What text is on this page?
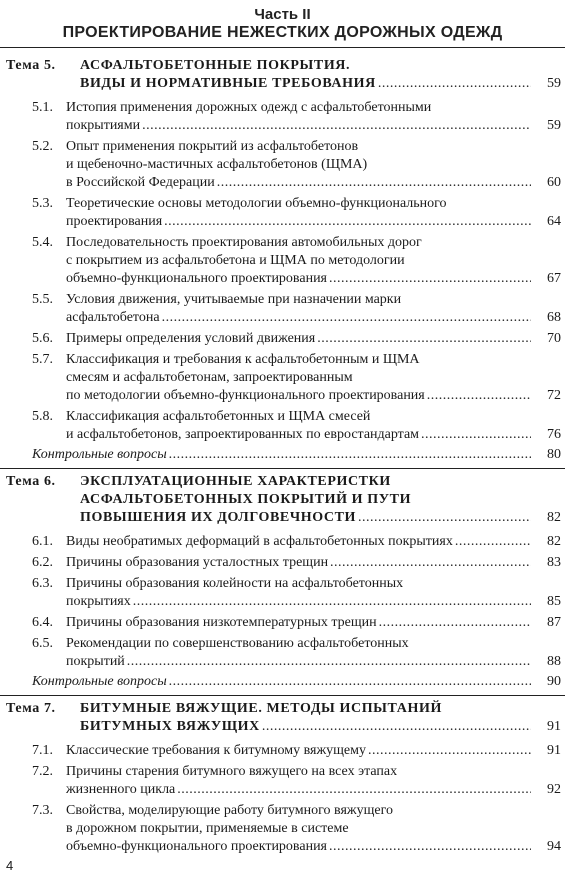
Часть II
ПРОЕКТИРОВАНИЕ НЕЖЕСТКИХ ДОРОЖНЫХ ОДЕЖД
Тема 5. АСФАЛЬТОБЕТОННЫЕ ПОКРЫТИЯ.
ВИДЫ И НОРМАТИВНЫЕ ТРЕБОВАНИЯ .....	59
5.1. Истопия применения дорожных одежд с асфальтобетонными
покрытиями .....	59
5.2. Опыт применения покрытий из асфальтобетонов
и щебеночно-мастичных асфальтобетонов (ЩМА)
в Российской Федерации .....	60
5.3. Теоретические основы методологии объемно-функционального
проектирования .....	64
5.4. Последовательность проектирования автомобильных дорог
с покрытием из асфальтобетона и ЩМА по методологии
объемно-функционального проектирования .....	67
5.5. Условия движения, учитываемые при назначении марки
асфальтобетона .....	68
5.6. Примеры определения условий движения .....	70
5.7. Классификация и требования к асфальтобетонным и ЩМА
смесям и асфальтобетонам, запроектированным
по методологии объемно-функционального проектирования .....	72
5.8. Классификация асфальтобетонных и ЩМА смесей
и асфальтобетонов, запроектированных по евростандартам .....	76
Контрольные вопросы .....	80
Тема 6. ЭКСПЛУАТАЦИОННЫЕ ХАРАКТЕРИСТКИ
АСФАЛЬТОБЕТОННЫХ ПОКРЫТИЙ И ПУТИ
ПОВЫШЕНИЯ ИХ ДОЛГОВЕЧНОСТИ .....	82
6.1. Виды необратимых деформаций в асфальтобетонных покрытиях .....	82
6.2. Причины образования усталостных трещин .....	83
6.3. Причины образования колейности на асфальтобетонных
покрытиях .....	85
6.4. Причины образования низкотемпературных трещин .....	87
6.5. Рекомендации по совершенствованию асфальтобетонных
покрытий .....	88
Контрольные вопросы .....	90
Тема 7. БИТУМНЫЕ ВЯЖУЩИЕ. МЕТОДЫ ИСПЫТАНИЙ
БИТУМНЫХ ВЯЖУЩИХ .....	91
7.1. Классические требования к битумному вяжущему .....	91
7.2. Причины старения битумного вяжущего на всех этапах
жизненного цикла .....	92
7.3. Свойства, моделирующие работу битумного вяжущего
в дорожном покрытии, применяемые в системе
объемно-функционального проектирования .....	94
4
